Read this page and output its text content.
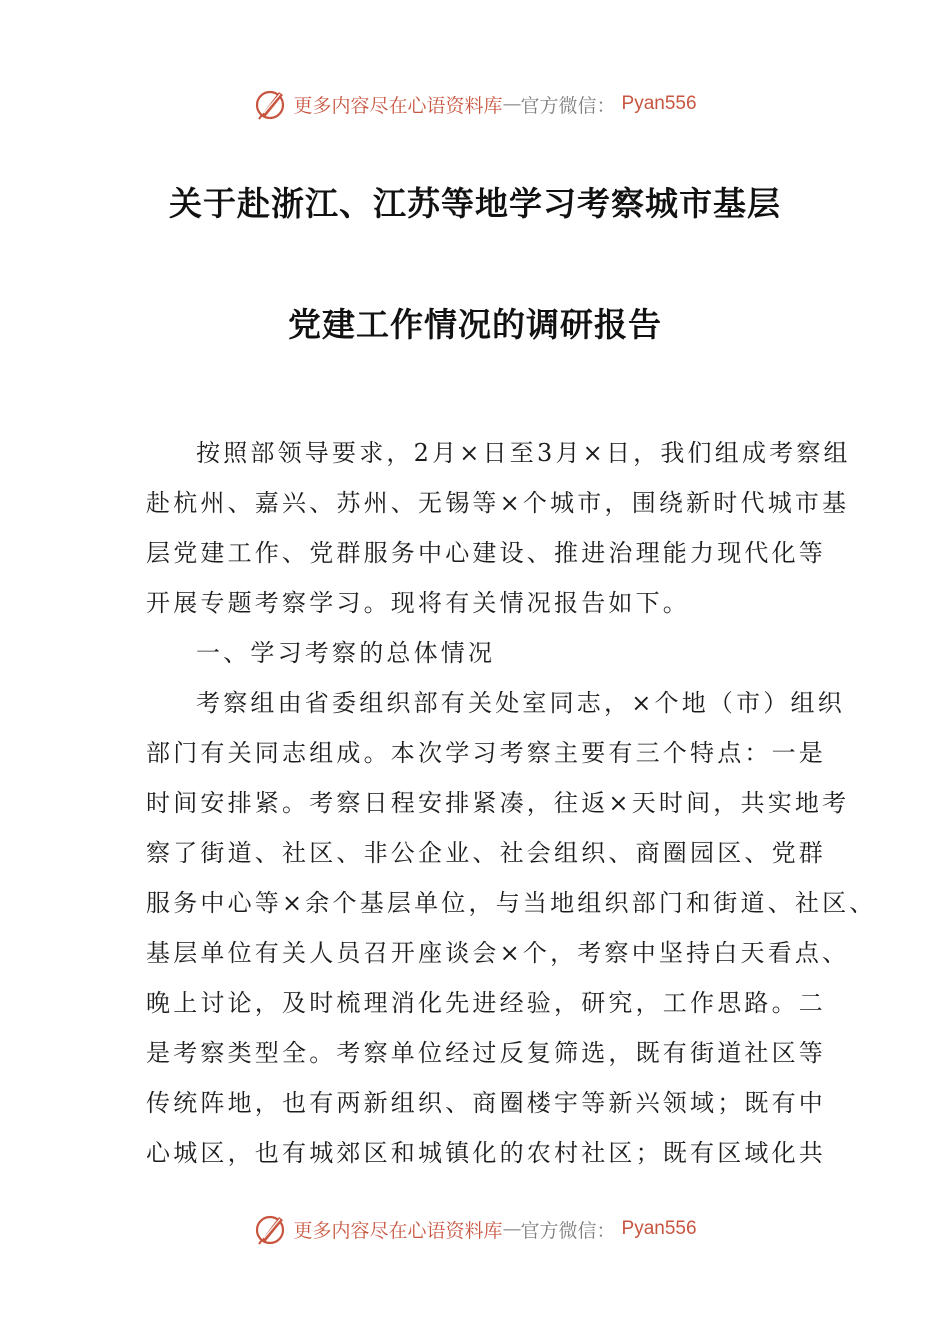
更多内容尽在心语资料库 — 官方微信 ： Pyan556
关于赴浙江、江苏等地学习考察城市基层
党建工作情况的调研报告
按照部领导要求，2月×日至3月×日，我们组成考察组
赴杭州、嘉兴、苏州、无锡等×个城市，围绕新时代城市基
层党建工作、党群服务中心建设、推进治理能力现代化等
开展专题考察学习。现将有关情况报告如下。
一、学习考察的总体情况
考察组由省委组织部有关处室同志，×个地（市）组织
部门有关同志组成。本次学习考察主要有三个特点：一是
时间安排紧。考察日程安排紧凑，往返×天时间，共实地考
察了街道、社区、非公企业、社会组织、商圈园区、党群
服务中心等×余个基层单位，与当地组织部门和街道、社区、
基层单位有关人员召开座谈会×个，考察中坚持白天看点、
晚上讨论，及时梳理消化先进经验，研究，工作思路。二
是考察类型全。考察单位经过反复筛选，既有街道社区等
传统阵地，也有两新组织、商圈楼宇等新兴领域；既有中
心城区，也有城郊区和城镇化的农村社区；既有区域化共
更多内容尽在心语资料库 — 官方微信 ： Pyan556
